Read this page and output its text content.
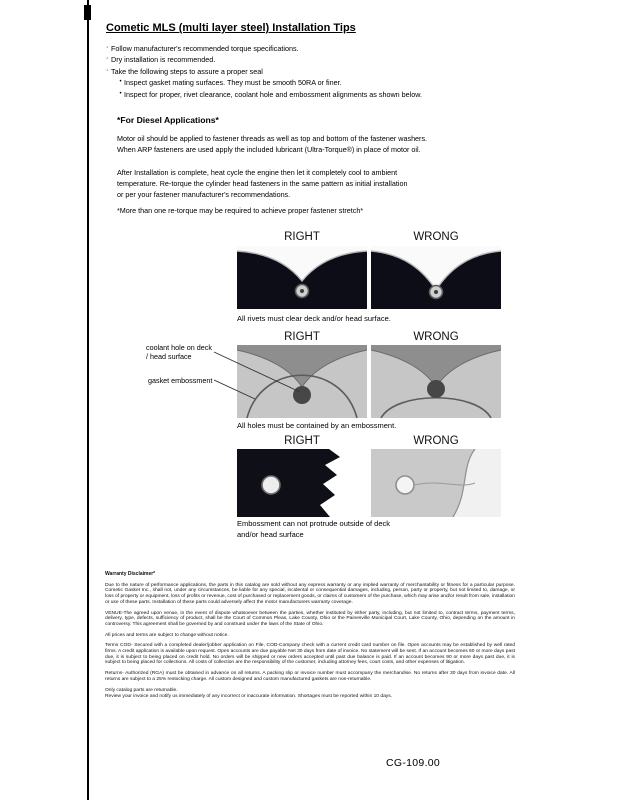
Cometic MLS (multi layer steel) Installation Tips
◦ Follow manufacturer's recommended torque specifications.
◦ Dry installation is recommended.
◦ Take the following steps to assure a proper seal
• Inspect gasket mating surfaces. They must be smooth 50RA or finer.
• Inspect for proper, rivet clearance, coolant hole and embossment alignments as shown below.
*For Diesel Applications*
Motor oil should be applied to fastener threads as well as top and bottom of the fastener washers.
When ARP fasteners are used apply the included lubricant (Ultra-Torque®) in place of motor oil.
After Installation is complete, heat cycle the engine then let it completely cool to ambient
temperature. Re-torque the cylinder head fasteners in the same pattern as initial installation
or per your fastener manufacturer's recommendations.
*More than one re-torque may be required to achieve proper fastener stretch*
RIGHT	WRONG
All rivets must clear deck and/or head surface.
RIGHT	WRONG
coolant hole on deck / head surface
gasket embossment
All holes must be contained by an embossment.
RIGHT	WRONG
Embossment can not protrude outside of deck and/or head surface
Warranty Disclaimer*

Due to the nature of performance applications, the parts in this catalog are sold without any express warranty or any implied warranty of merchantability or fitness for a particular purpose. Cometic Gasket Inc., shall not, under any circumstances, be liable for any special, incidental or consequential damages, including, person, party or property, but not limited to, damage, or loss of property or equipment, loss of profits or revenue, cost of purchased or replacement goods, or claims of customers of the purchase, which may arise and/or result from sale, installation or use of these parts. Installation of these parts could adversely affect the motor manufacturers warranty coverage.

VENUE-The agreed upon venue, in the event of dispute whatsoever between the parties, whether instituted by either party, including, but not limited to, contract terms, payment terms, delivery, type, defects, sufficiency of product, shall be the Court of Common Pleas, Lake County, Ohio or the Painesville Municipal Court, Lake County, Ohio, depending on the amount in controversy. This agreement shall be governed by and construed under the laws of the State of Ohio.

All prices and terms are subject to change without notice.

Terms COD- Secured with a completed dealer/jobber application on File, COD-Company check with a current credit card number on file. Open accounts may be established by well rated firms. A credit application is available upon request. Open accounts are due payable Net 30 days from date of invoice. No statement will be sent. If an account becomes 60 or more days past due, it is subject to being placed on credit hold. No orders will be shipped or new orders accepted until past due balance is paid. If an account becomes 90 or more days past due, it is subject to being placed for collections. All costs of collection are the responsibility of the customer, including attorney fees, court costs, and other expenses of litigation.

Returns- Authorized (RGA) must be obtained in advance on all returns. A packing slip or invoice number must accompany the merchandise. No returns after 30 days from invoice date. All returns are subject to a 25% restocking charge. All custom designed and custom manufactured gaskets are non-returnable.

Only catalog parts are returnable.

Review your invoice and notify us immediately of any incorrect or inaccurate information. Shortages must be reported within 10 days.

CG-109.00
